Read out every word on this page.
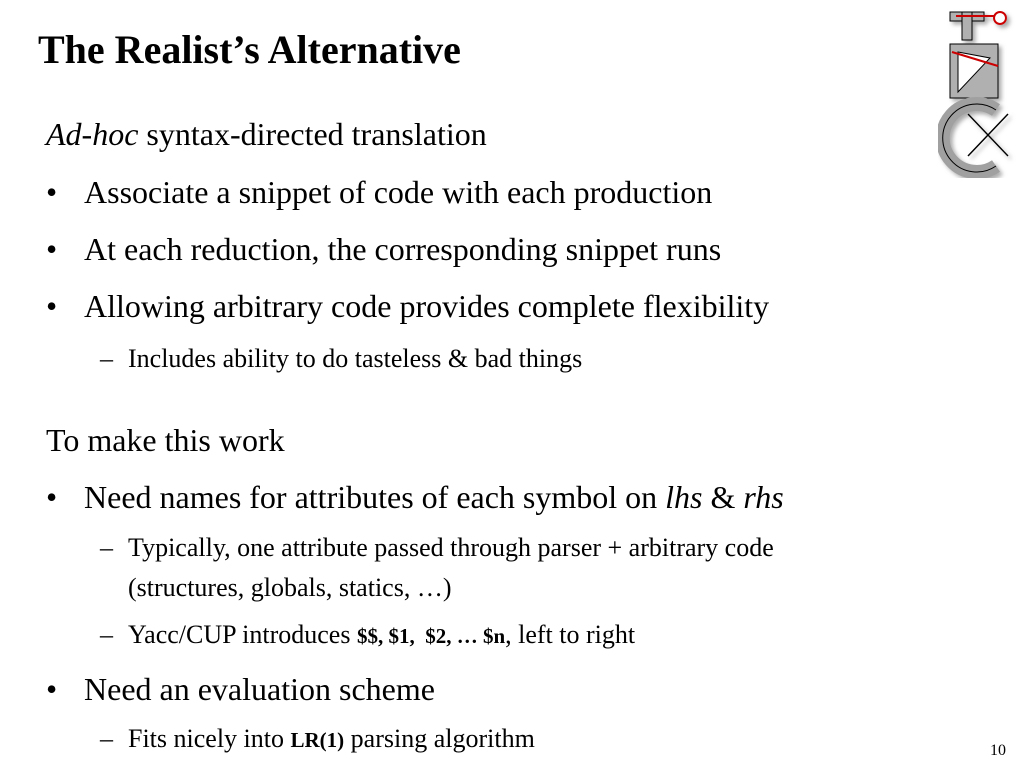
The Realist’s Alternative
Ad-hoc syntax-directed translation
• Associate a snippet of code with each production
• At each reduction, the corresponding snippet runs
• Allowing arbitrary code provides complete flexibility
– Includes ability to do tasteless & bad things
To make this work
• Need names for attributes of each symbol on lhs & rhs
– Typically, one attribute passed through parser + arbitrary code
(structures, globals, statics, …)
– Yacc/CUP introduces $$, $1,  $2, … $n, left to right
• Need an evaluation scheme
– Fits nicely into LR(1) parsing algorithm	10
